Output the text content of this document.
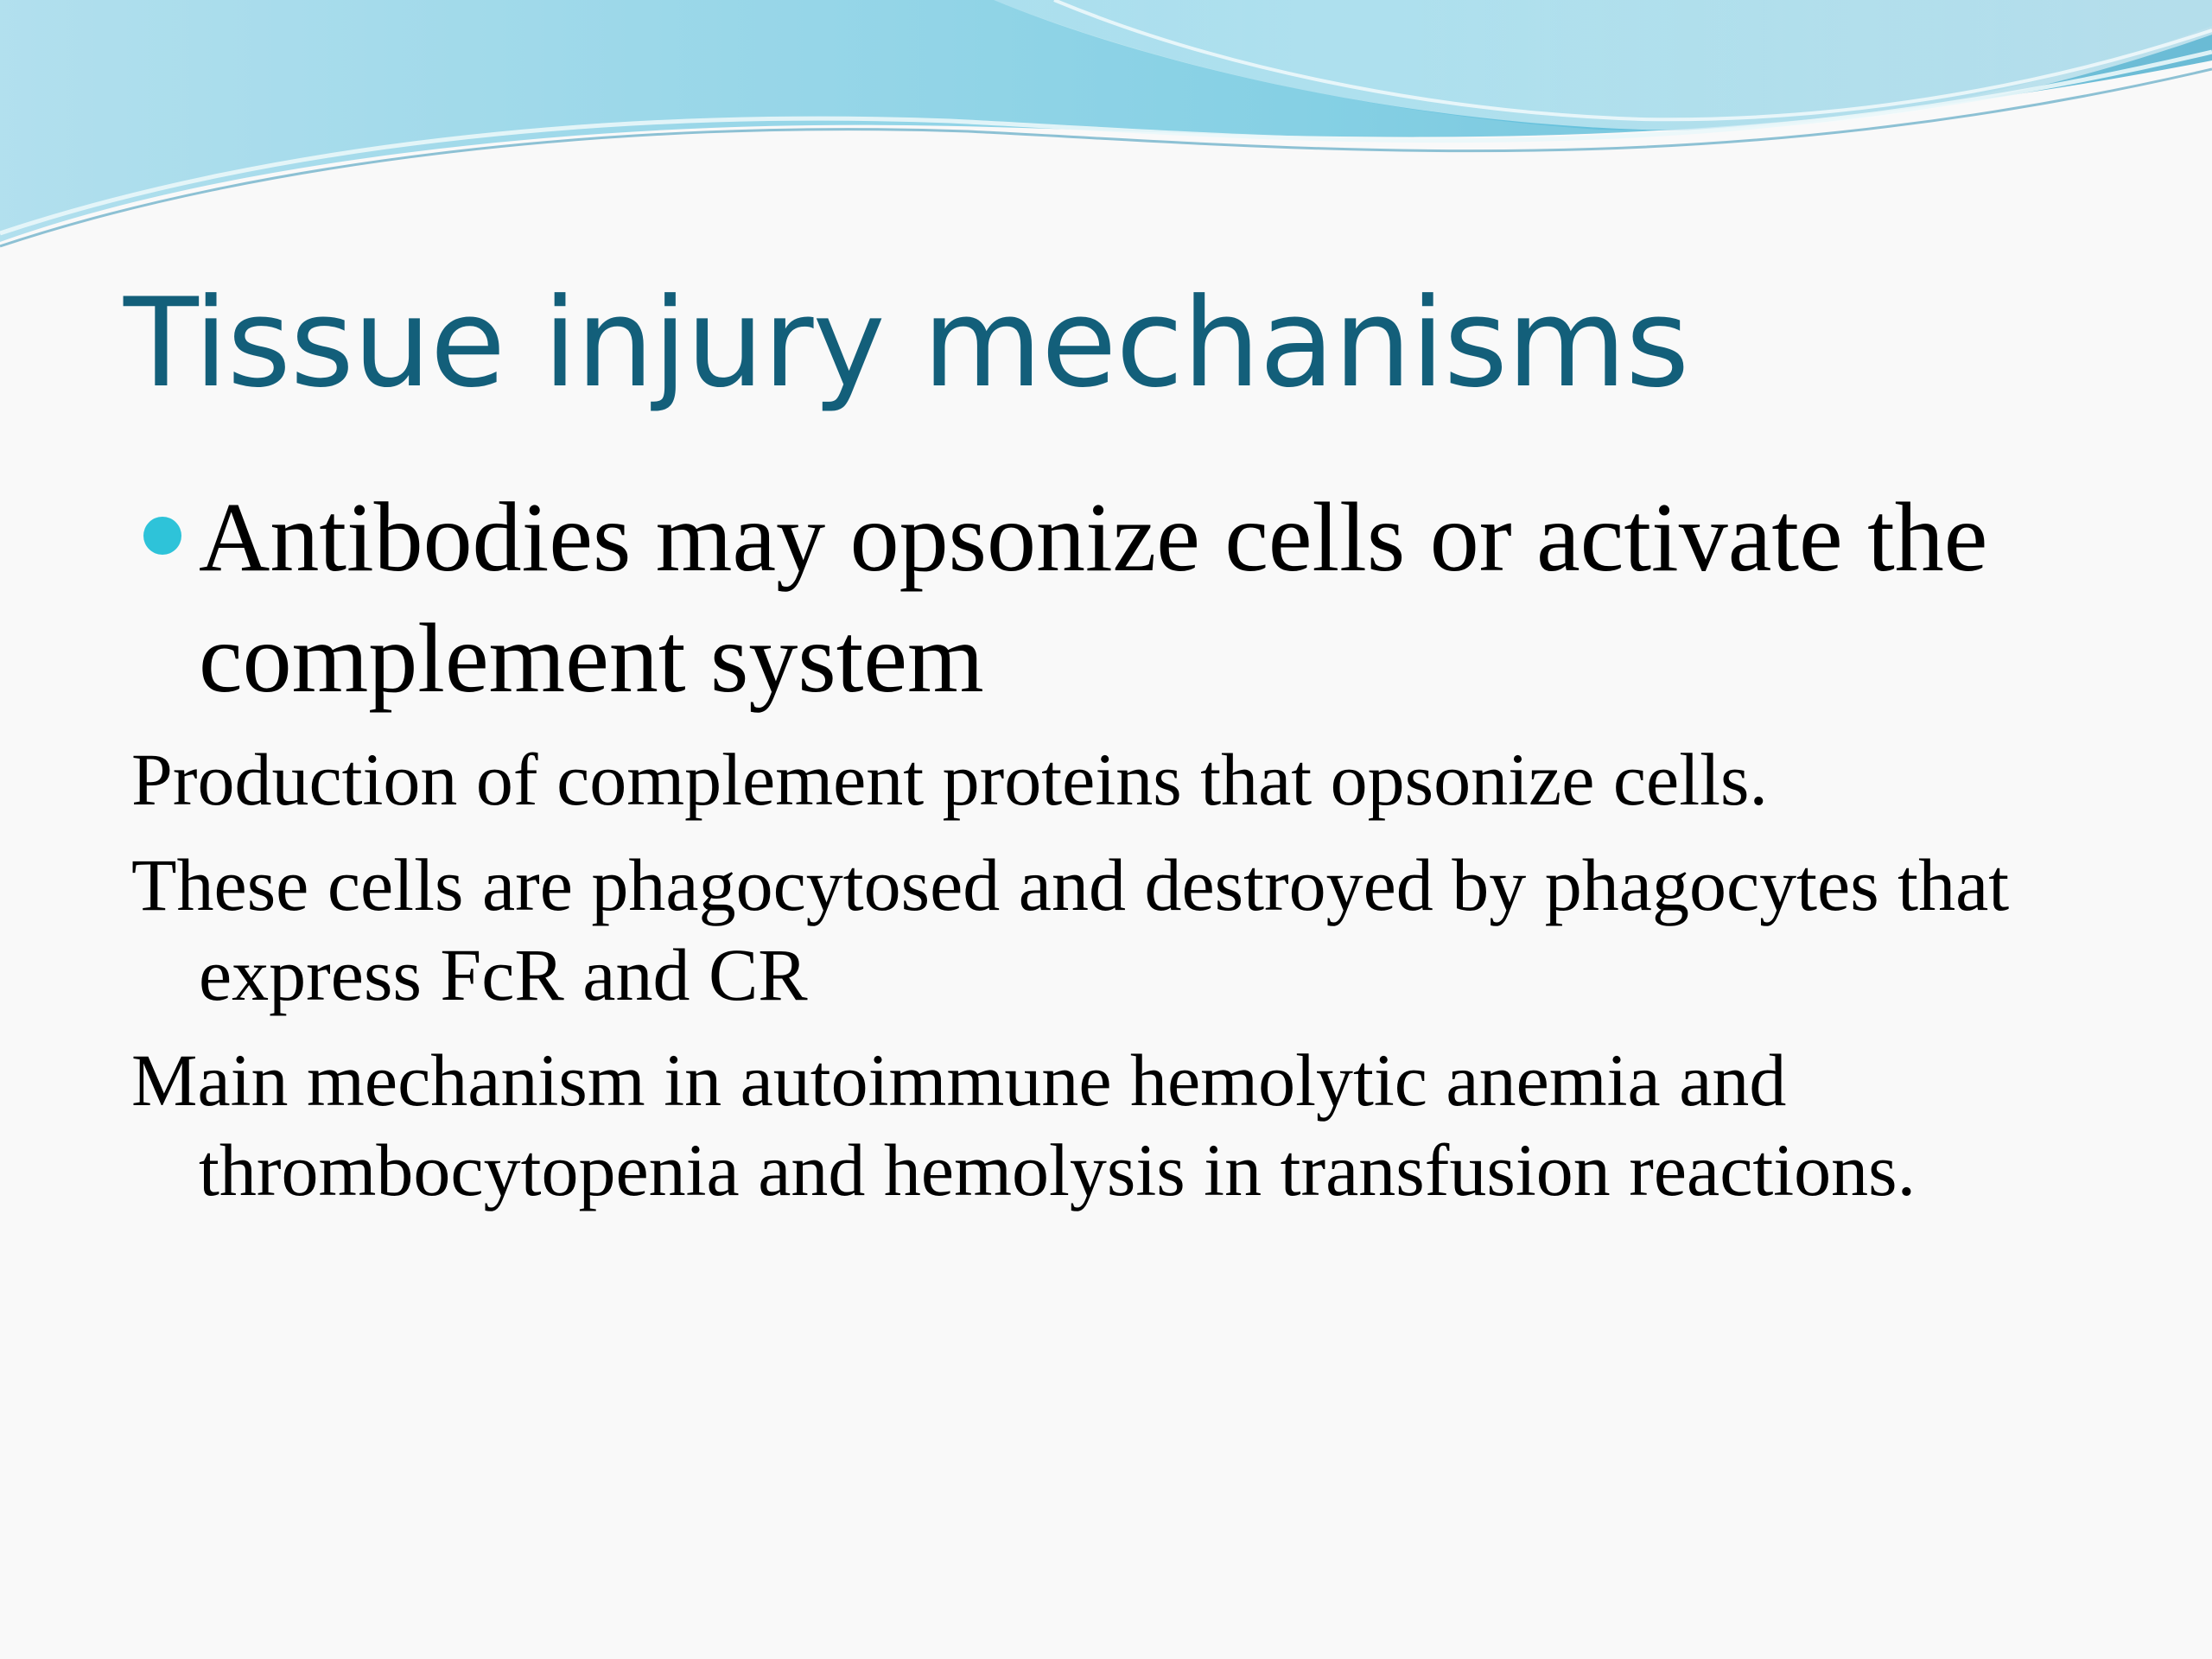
Tissue injury mechanisms
Antibodies may opsonize cells or activate the complement system

Production of complement proteins that opsonize cells.

These cells are phagocytosed and destroyed by phagocytes that express FcR and CR

Main mechanism in autoimmune hemolytic anemia and thrombocytopenia and hemolysis in transfusion reactions.
